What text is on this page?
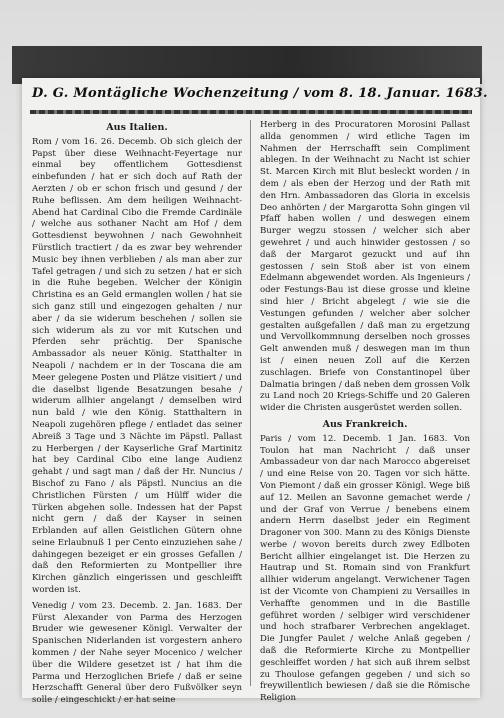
D. G. Montägliche Wochenzeitung / vom 8. 18. Januar. 1683.
Aus Italien.

Rom / vom 16. 26. Decemb. Ob sich gleich der Papst über diese Weihnacht-Feyertage nur einmal bey offentlichem Gottesdienst einbefunden / hat er sich doch auf Rath der Aerzten / ob er schon frisch und gesund / der Ruhe beflissen. Am dem heiligen Weihnacht-Abend hat Cardinal Cibo die Fremde Cardinäle / welche aus sothaner Nacht am Hof / dem Gottesdienst beywohnen / nach Gewohnheit Fürstlich tractiert / da es zwar bey wehrender Music bey ihnen verblieben / als man aber zur Tafel getragen / und sich zu setzen / hat er sich in die Ruhe begeben. Welcher der Königin Christina es an Geld ermanglen wollen / hat sie sich ganz still und eingezogen gehalten / nur aber / da sie widerum beschehen / sollen sie sich widerum als zu vor mit Kutschen und Pferden sehr prächtig. Der Spanische Ambassador als neuer König. Statthalter in Neapoli / nachdem er in der Toscana die am Meer gelegene Posten und Plätze visitiert / und die daselbst ligende Besatzungen besahe / widerum allhier angelangt / demselben wird nun bald / wie den König. Statthaltern in Neapoli zugehören pflege / entladet das seiner Abreiß 3 Tage und 3 Nächte im Päpstl. Pallast zu Herbergen / der Kayserliche Graf Martinitz hat bey Cardinal Cibo eine lange Audienz gehabt / und sagt man / daß der Hr. Nuncius / Bischof zu Fano / als Päpstl. Nuncius an die Christlichen Fürsten / um Hülff wider die Türken abgehen solle. Indessen hat der Papst nicht gern / daß der Kayser in seinen Erblanden auf allen Geistlichen Gütern ohne seine Erlaubnuß 1 per Cento einzuziehen sahe / dahingegen bezeiget er ein grosses Gefallen / daß den Reformierten zu Montpellier ihre Kirchen gänzlich eingerissen und geschleifft worden ist.

Venedig / vom 23. Decemb. 2. Jan. 1683. Der Fürst Alexander von Parma des Herzogen Bruder wie gewesener Königl. Verwalter der Spanischen Niderlanden ist vorgestern anhero kommen / der Nahe seyer Mocenico / welcher über die Wildere gesetzet ist / hat ihm die Parma und Herzoglichen Briefe / daß er seine Herzschafft General über dero Fußvölker seyn solle / eingeschickt / er hat seine

Herberg in des Procuratoren Morosini Pallast allda genommen / wird etliche Tagen im Nahmen der Herrschafft sein Compliment ablegen. In der Weihnacht zu Nacht ist schier St. Marcen Kirch mit Blut besleckt worden / in dem / als eben der Herzog und der Rath mit den Hrn. Ambassadoren das Gloria in excelsis Deo anhörten / der Margarotta Sohn gingen vil Pfaff haben wollen / und deswegen einem Burger wegzu stossen / welcher sich aber gewehret / und auch hinwider gestossen / so daß der Margarot gezuckt und auf ihn gestossen / sein Stoß aber ist von einem Edelmann abgewendet worden. Als Ingenieurs / oder Festungs-Bau ist diese grosse und kleine sind hier / Bricht abgelegt / wie sie die Vestungen gefunden / welcher aber solcher gestalten außgefallen / daß man zu ergetzung und Vervollkommnung derselben noch grosses Gelt anwenden muß / deswegen man im thun ist / einen neuen Zoll auf die Kerzen zuschlagen. Briefe von Constantinopel über Dalmatia bringen / daß neben dem grossen Volk zu Land noch 20 Kriegs-Schiffe und 20 Galeren wider die Christen ausgerüstet werden sollen.

Aus Frankreich.

Paris / vom 12. Decemb. 1 Jan. 1683. Von Toulon hat man Nachricht / daß unser Ambassadeur von dar nach Marocco abgereiset / und eine Reise von 20. Tagen vor sich hätte. Von Piemont / daß ein grosser Königl. Wege biß auf 12. Meilen an Savonne gemachet werde / und der Graf von Verrue / benebens einem andern Herrn daselbst jeder ein Regiment Dragoner von 300. Mann zu des Königs Dienste werbe / wovon bereits durch zwey Edlboten Bericht allhier eingelanget ist. Die Herzen zu Hautrap und St. Romain sind von Frankfurt allhier widerum angelangt. Verwichener Tagen ist der Vicomte von Champieni zu Versailles in Verhaffte genommen und in die Bastille geführet worden / selbiger wird verschidener und hoch strafbarer Verbrechen angeklaget. Die Jungfer Paulet / welche Anlaß gegeben / daß die Reformierte Kirche zu Montpellier geschleiffet worden / hat sich auß ihrem selbst zu Thoulose gefangen gegeben / und sich so freywillentlich bewiesen / daß sie die Römische Religion
